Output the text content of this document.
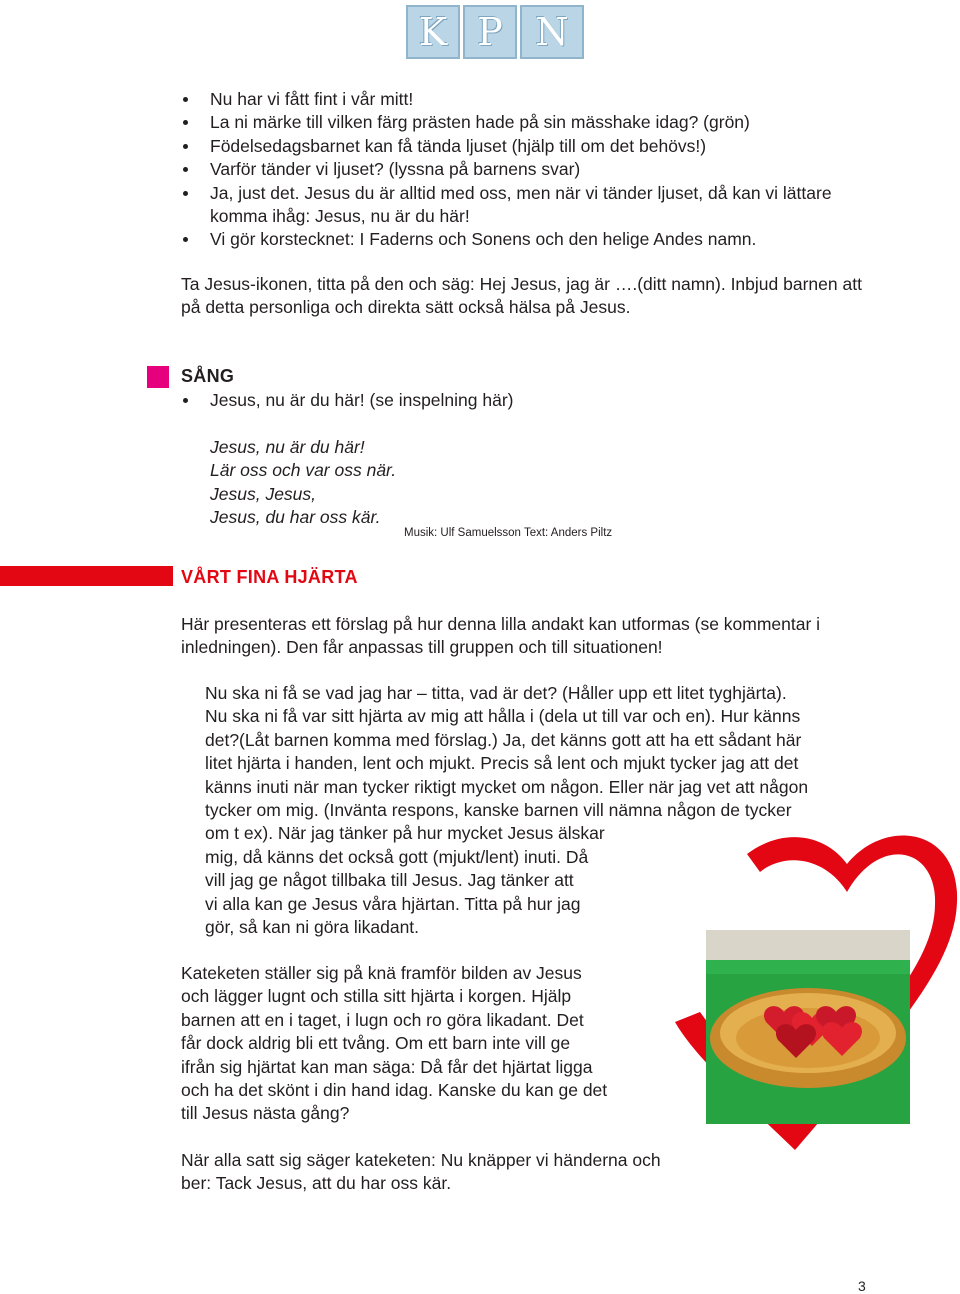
K P N
Nu har vi fått fint i vår mitt!
La ni märke till vilken färg prästen hade på sin mässhake idag? (grön)
Födelsedagsbarnet kan få tända ljuset (hjälp till om det behövs!)
Varför tänder vi ljuset? (lyssna på barnens svar)
Ja, just det. Jesus du är alltid med oss, men när vi tänder ljuset, då kan vi lättare komma ihåg: Jesus, nu är du här!
Vi gör korstecknet: I Faderns och Sonens och den helige Andes namn.

Ta Jesus-ikonen, titta på den och säg: Hej Jesus, jag är ….(ditt namn). Inbjud barnen att på detta personliga och direkta sätt också hälsa på Jesus.

SÅNG
Jesus, nu är du här! (se inspelning här)
Jesus, nu är du här!
Lär oss och var oss när.
Jesus, Jesus,
Jesus, du har oss kär.
Musik: Ulf Samuelsson Text: Anders Piltz
VÅRT FINA HJÄRTA

Här presenteras ett förslag på hur denna lilla andakt kan utformas (se kommentar i inledningen). Den får anpassas till gruppen och till situationen!

Nu ska ni få se vad jag har – titta, vad är det? (Håller upp ett litet tyghjärta).
Nu ska ni få var sitt hjärta av mig att hålla i (dela ut till var och en). Hur känns
det?(Låt barnen komma med förslag.) Ja, det känns gott att ha ett sådant här
litet hjärta i handen, lent och mjukt. Precis så lent och mjukt tycker jag att det
känns inuti när man tycker riktigt mycket om någon. Eller när jag vet att någon
tycker om mig. (Invänta respons, kanske barnen vill nämna någon de tycker
om t ex). När jag tänker på hur mycket Jesus älskar
mig, då känns det också gott (mjukt/lent) inuti. Då
vill jag ge något tillbaka till Jesus. Jag tänker att
vi alla kan ge Jesus våra hjärtan. Titta på hur jag
gör, så kan ni göra likadant.
Kateketen ställer sig på knä framför bilden av Jesus
och lägger lugnt och stilla sitt hjärta i korgen. Hjälp
barnen att en i taget, i lugn och ro göra likadant. Det
får dock aldrig bli ett tvång. Om ett barn inte vill ge
ifrån sig hjärtat kan man säga: Då får det hjärtat ligga
och ha det skönt i din hand idag. Kanske du kan ge det
till Jesus nästa gång?
När alla satt sig säger kateketen: Nu knäpper vi händerna och
ber: Tack Jesus, att du har oss kär.
3
